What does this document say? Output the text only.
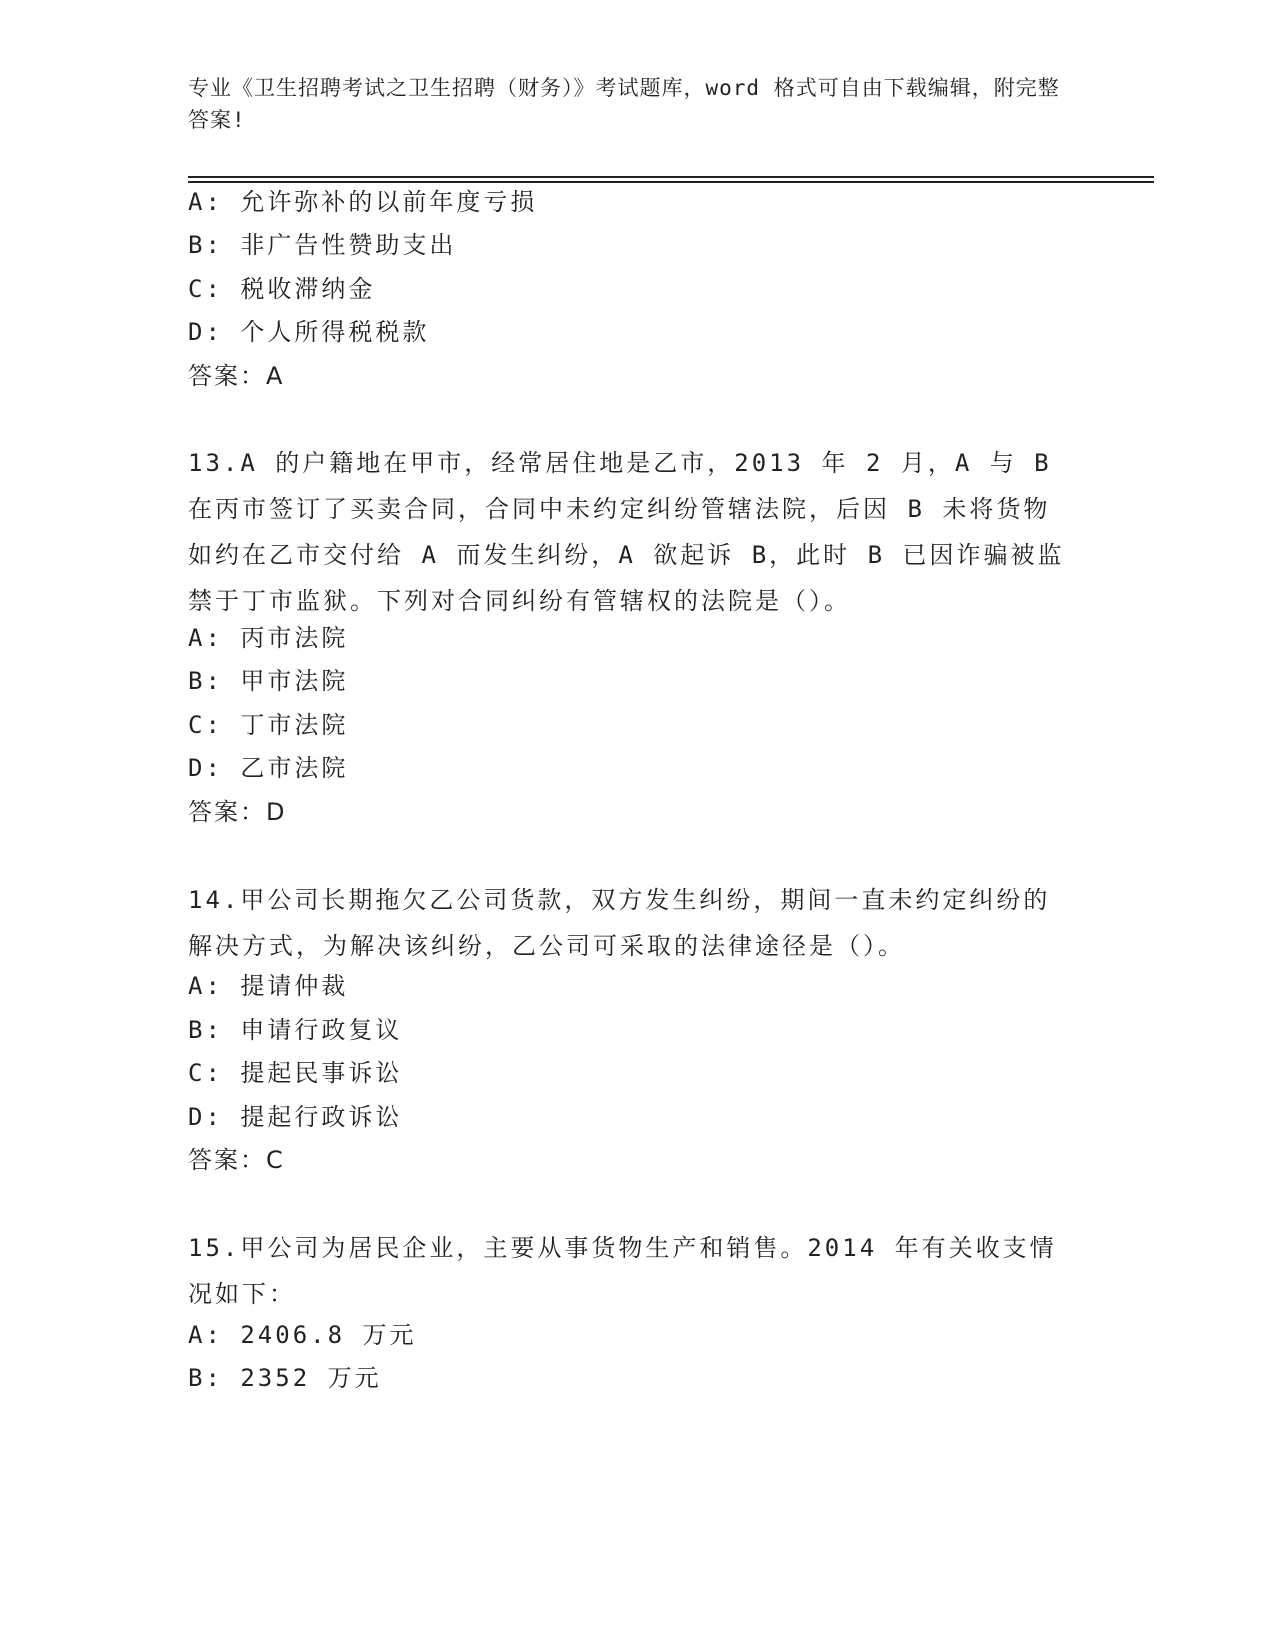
专业《卫生招聘考试之卫生招聘（财务）》考试题库，word 格式可自由下载编辑，附完整答案!
A: 允许弥补的以前年度亏损
B: 非广告性赞助支出
C: 税收滞纳金
D: 个人所得税税款
答案：A
13.A 的户籍地在甲市，经常居住地是乙市，2013 年 2 月，A 与 B 在丙市签订了买卖合同，合同中未约定纠纷管辖法院，后因 B 未将货物如约在乙市交付给 A 而发生纠纷，A 欲起诉 B，此时 B 已因诈骗被监禁于丁市监狱。下列对合同纠纷有管辖权的法院是（）。
A: 丙市法院
B: 甲市法院
C: 丁市法院
D: 乙市法院
答案：D
14.甲公司长期拖欠乙公司货款，双方发生纠纷，期间一直未约定纠纷的解决方式，为解决该纠纷，乙公司可采取的法律途径是（）。
A: 提请仲裁
B: 申请行政复议
C: 提起民事诉讼
D: 提起行政诉讼
答案：C
15.甲公司为居民企业，主要从事货物生产和销售。2014 年有关收支情况如下：
A: 2406.8 万元
B: 2352 万元
